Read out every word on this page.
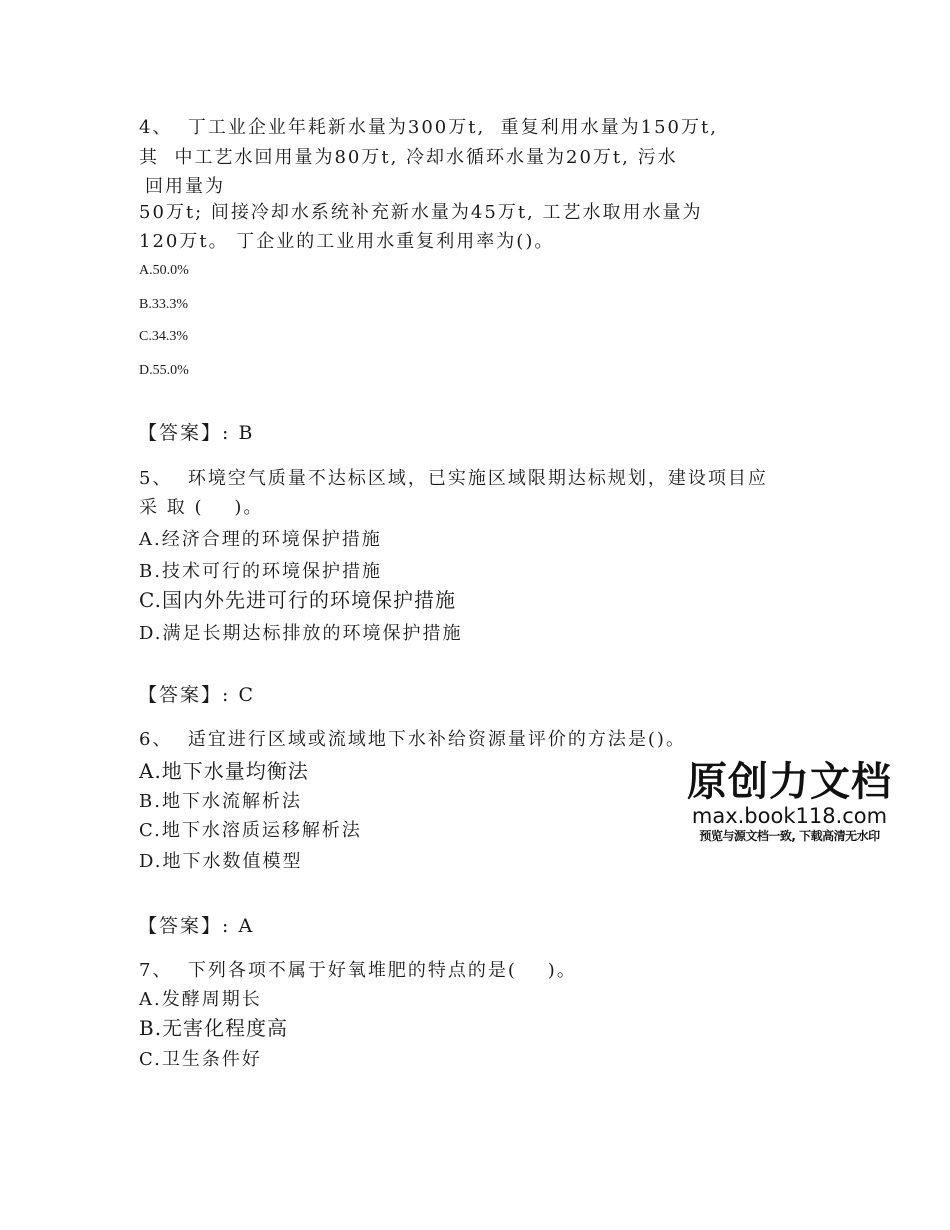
4、  丁工业企业年耗新水量为300万t,  重复利用水量为150万t,
其  中工艺水回用量为80万t, 冷却水循环水量为20万t, 污水
回用量为
50万t; 间接冷却水系统补充新水量为45万t, 工艺水取用水量为
120万t。 丁企业的工业用水重复利用率为()。
A.50.0%
B.33.3%
C.34.3%
D.55.0%
【答案】: B
5、  环境空气质量不达标区域，已实施区域限期达标规划，建设项目应
采 取 (    )。
A.经济合理的环境保护措施
B.技术可行的环境保护措施
C.国内外先进可行的环境保护措施
D.满足长期达标排放的环境保护措施
【答案】: C
6、  适宜进行区域或流域地下水补给资源量评价的方法是()。
A.地下水量均衡法
B.地下水流解析法
C.地下水溶质运移解析法
D.地下水数值模型
【答案】: A
7、  下列各项不属于好氧堆肥的特点的是(    )。
A.发酵周期长
B.无害化程度高
C.卫生条件好
原创力文档
max.book118.com
预览与源文档一致, 下载高清无水印
